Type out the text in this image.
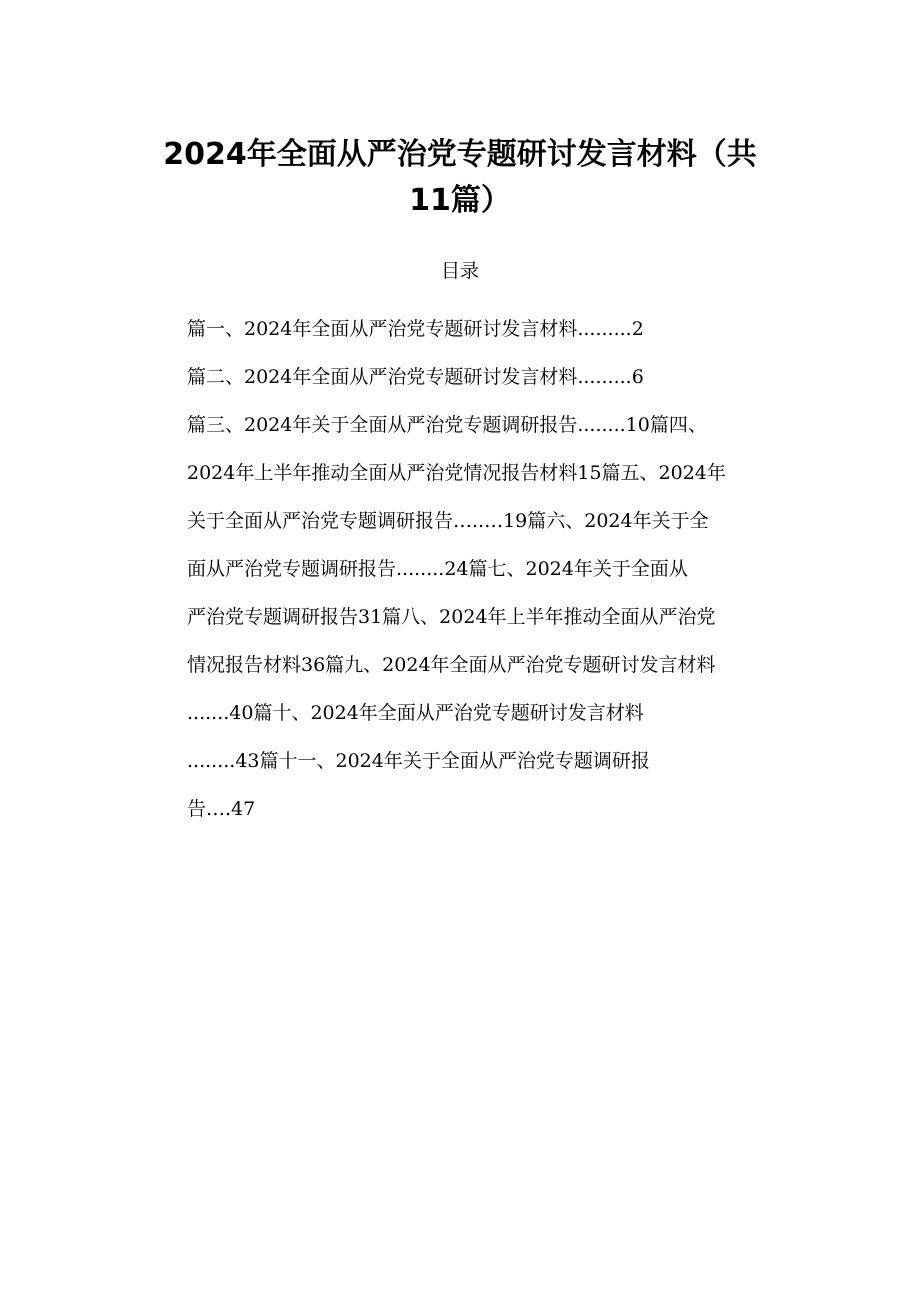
2024年全面从严治党专题研讨发言材料（共
11篇）
目录
篇一、2024年全面从严治党专题研讨发言材料.........2
篇二、2024年全面从严治党专题研讨发言材料.........6
篇三、2024年关于全面从严治党专题调研报告........10篇四、
2024年上半年推动全面从严治党情况报告材料15篇五、2024年
关于全面从严治党专题调研报告…..…19篇六、2024年关于全
面从严治党专题调研报告........24篇七、2024年关于全面从
严治党专题调研报告31篇八、2024年上半年推动全面从严治党
情况报告材料36篇九、2024年全面从严治党专题研讨发言材料
.......40篇十、2024年全面从严治党专题研讨发言材料
........43篇十一、2024年关于全面从严治党专题调研报
告….47
